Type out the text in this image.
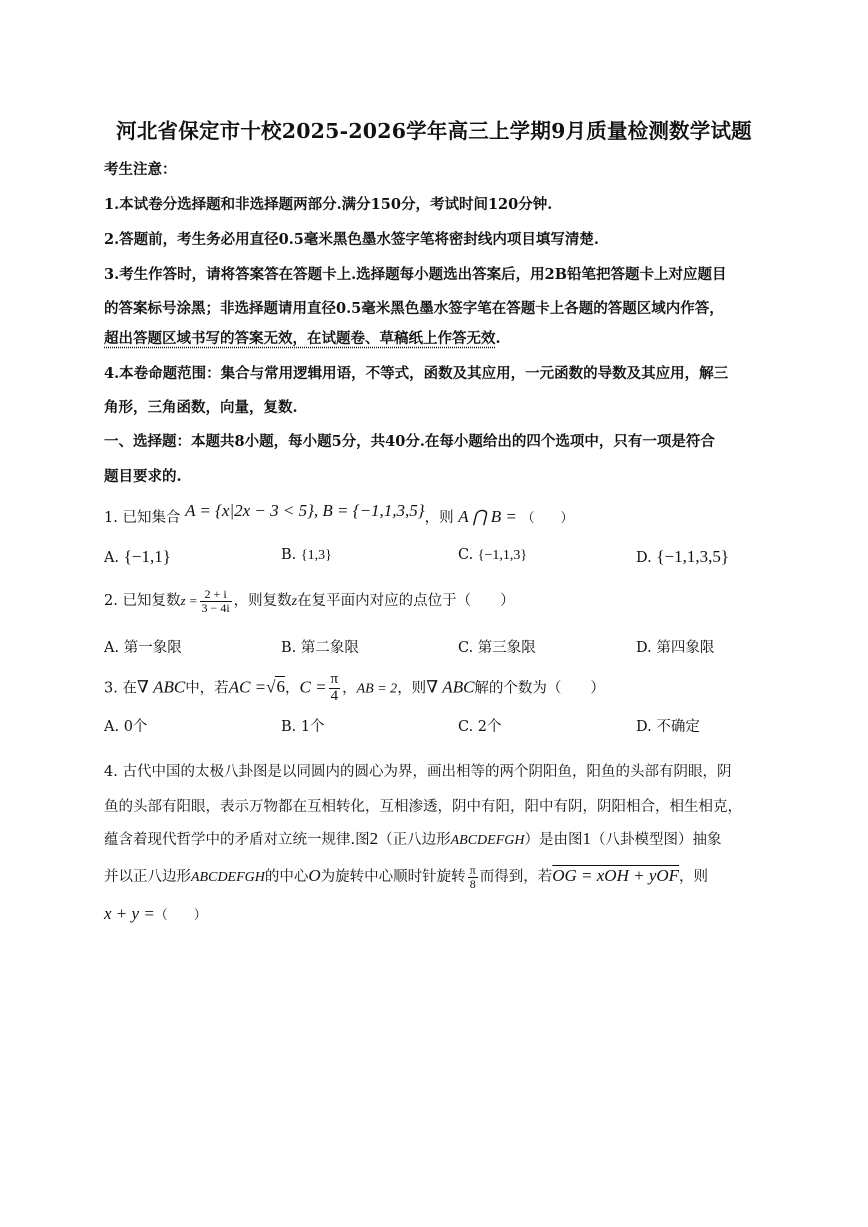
河北省保定市十校2025-2026学年高三上学期9月质量检测数学试题
考生注意：
1.本试卷分选择题和非选择题两部分.满分150分，考试时间120分钟.
2.答题前，考生务必用直径0.5毫米黑色墨水签字笔将密封线内项目填写清楚.
3.考生作答时，请将答案答在答题卡上.选择题每小题选出答案后，用2B铅笔把答题卡上对应题目
的答案标号涂黑；非选择题请用直径0.5毫米黑色墨水签字笔在答题卡上各题的答题区域内作答，
超出答题区域书写的答案无效，在试题卷、草稿纸上作答无效.
4.本卷命题范围：集合与常用逻辑用语，不等式，函数及其应用，一元函数的导数及其应用，解三
角形，三角函数，向量，复数.
一、选择题：本题共8小题，每小题5分，共40分.在每小题给出的四个选项中，只有一项是符合
题目要求的.
1. 已知集合 A = {x|2x − 3 < 5}, B = {−1,1,3,5}，则 A ⋂ B = （　　）
A. {−1,1}	B. {1,3}	C. {−1,1,3}	D. {−1,1,3,5}
2. 已知复数$z = \frac{2 + i}{3 - 4i}$ ，则复数z在复平面内对应的点位于（　　）
A. 第一象限	B. 第二象限	C. 第三象限	D. 第四象限
3. 在∇ ABC中，若AC =√6，$C = \frac{\pi}{4}$ ，AB = 2，则∇ ABC解的个数为（　　）
A. 0个	B. 1个	C. 2个	D. 不确定
4. 古代中国的太极八卦图是以同圆内的圆心为界，画出相等的两个阴阳鱼，阳鱼的头部有阴眼，阴
鱼的头部有阳眼，表示万物都在互相转化，互相渗透，阴中有阳，阳中有阴，阴阳相合，相生相克，
蕴含着现代哲学中的矛盾对立统一规律.图2（正八边形ABCDEFGH）是由图1（八卦模型图）抽象
并以正八边形ABCDEFGH的中心O为旋转中心顺时针旋转 $\frac{\pi}{8}$ 而得到，若OG = xOH + yOF，则
x + y =（　　）
